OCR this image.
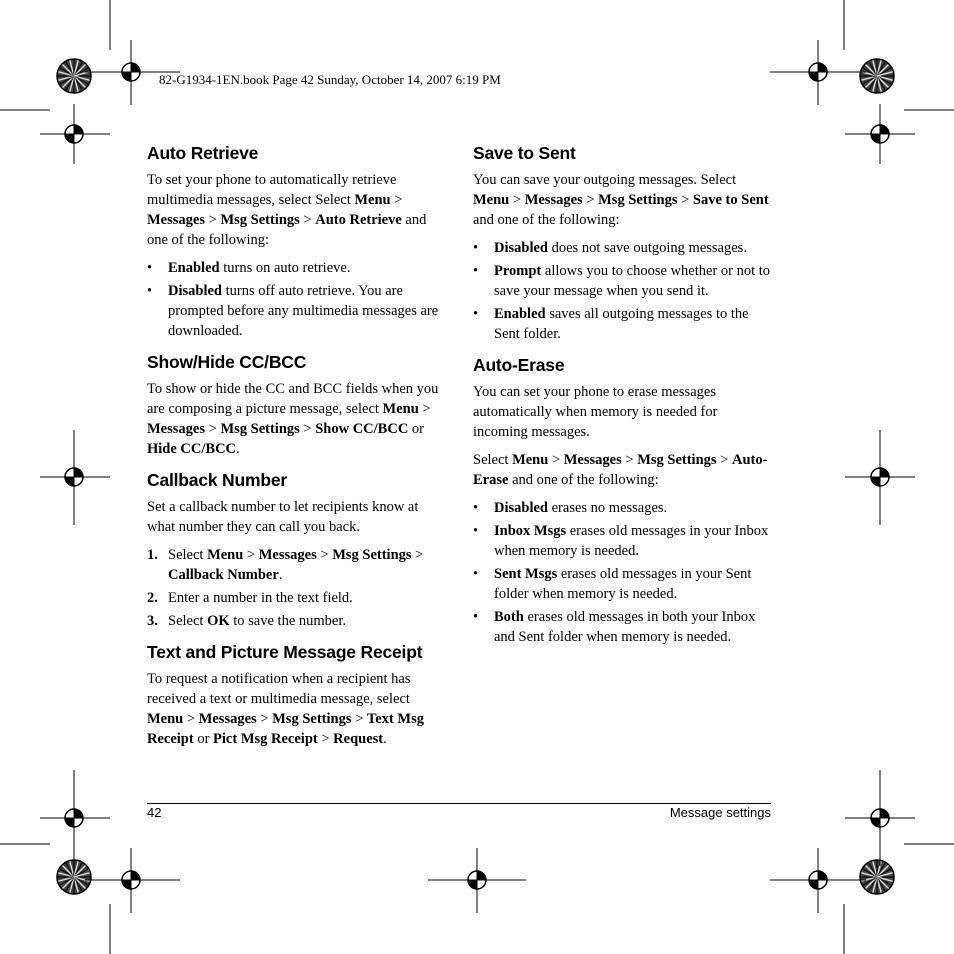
82-G1934-1EN.book Page 42 Sunday, October 14, 2007 6:19 PM
Auto Retrieve

To set your phone to automatically retrieve multimedia messages, select Select Menu > Messages > Msg Settings > Auto Retrieve and one of the following:

• Enabled turns on auto retrieve.
• Disabled turns off auto retrieve. You are prompted before any multimedia messages are downloaded.
Show/Hide CC/BCC

To show or hide the CC and BCC fields when you are composing a picture message, select Menu > Messages > Msg Settings > Show CC/BCC or Hide CC/BCC.

Callback Number

Set a callback number to let recipients know at what number they can call you back.

1. Select Menu > Messages > Msg Settings > Callback Number.
2. Enter a number in the text field.
3. Select OK to save the number.
Text and Picture Message Receipt

To request a notification when a recipient has received a text or multimedia message, select Menu > Messages > Msg Settings > Text Msg Receipt or Pict Msg Receipt > Request.

Save to Sent

You can save your outgoing messages. Select Menu > Messages > Msg Settings > Save to Sent and one of the following:

• Disabled does not save outgoing messages.
• Prompt allows you to choose whether or not to save your message when you send it.
• Enabled saves all outgoing messages to the Sent folder.
Auto-Erase

You can set your phone to erase messages automatically when memory is needed for incoming messages.

Select Menu > Messages > Msg Settings > Auto-Erase and one of the following:

• Disabled erases no messages.
• Inbox Msgs erases old messages in your Inbox when memory is needed.
• Sent Msgs erases old messages in your Sent folder when memory is needed.
• Both erases old messages in both your Inbox and Sent folder when memory is needed.
42	Message settings
